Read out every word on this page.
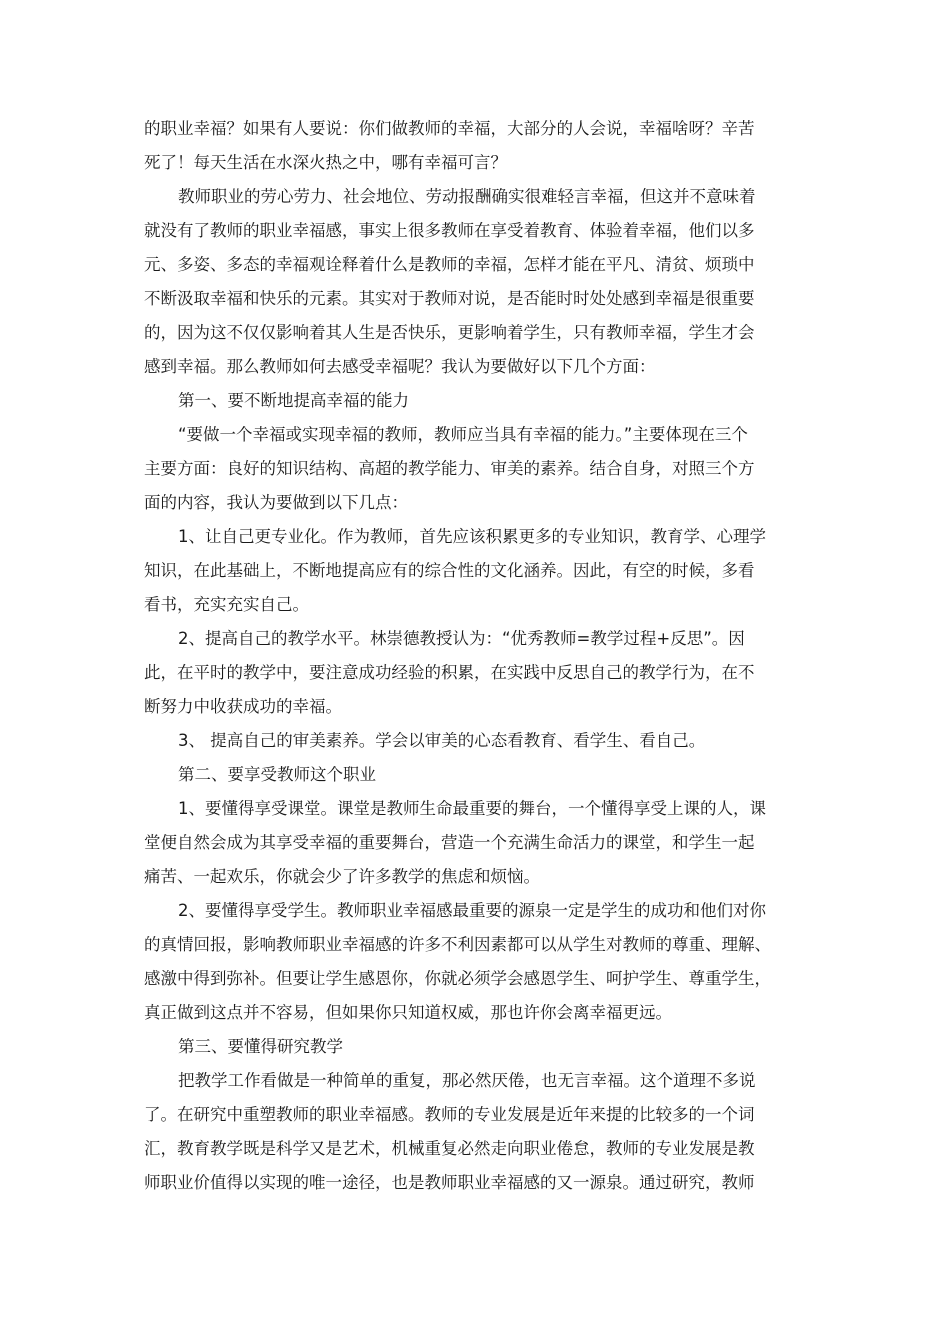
的职业幸福？如果有人要说：你们做教师的幸福，大部分的人会说，幸福啥呀？辛苦
死了！每天生活在水深火热之中，哪有幸福可言？
教师职业的劳心劳力、社会地位、劳动报酬确实很难轻言幸福，但这并不意味着
就没有了教师的职业幸福感，事实上很多教师在享受着教育、体验着幸福，他们以多
元、多姿、多态的幸福观诠释着什么是教师的幸福，怎样才能在平凡、清贫、烦琐中
不断汲取幸福和快乐的元素。其实对于教师对说，是否能时时处处感到幸福是很重要
的，因为这不仅仅影响着其人生是否快乐，更影响着学生，只有教师幸福，学生才会
感到幸福。那么教师如何去感受幸福呢？我认为要做好以下几个方面：
第一、要不断地提高幸福的能力
“要做一个幸福或实现幸福的教师，教师应当具有幸福的能力。”主要体现在三个
主要方面：良好的知识结构、高超的教学能力、审美的素养。结合自身，对照三个方
面的内容，我认为要做到以下几点：
1、让自己更专业化。作为教师，首先应该积累更多的专业知识，教育学、心理学
知识，在此基础上，不断地提高应有的综合性的文化涵养。因此，有空的时候，多看
看书，充实充实自己。
2、提高自己的教学水平。林崇德教授认为：“优秀教师=教学过程+反思”。因
此，在平时的教学中，要注意成功经验的积累，在实践中反思自己的教学行为，在不
断努力中收获成功的幸福。
3、 提高自己的审美素养。学会以审美的心态看教育、看学生、看自己。
第二、要享受教师这个职业
1、要懂得享受课堂。课堂是教师生命最重要的舞台，一个懂得享受上课的人，课
堂便自然会成为其享受幸福的重要舞台，营造一个充满生命活力的课堂，和学生一起
痛苦、一起欢乐，你就会少了许多教学的焦虑和烦恼。
2、要懂得享受学生。教师职业幸福感最重要的源泉一定是学生的成功和他们对你
的真情回报，影响教师职业幸福感的许多不利因素都可以从学生对教师的尊重、理解、
感激中得到弥补。但要让学生感恩你，你就必须学会感恩学生、呵护学生、尊重学生，
真正做到这点并不容易，但如果你只知道权威，那也许你会离幸福更远。
第三、要懂得研究教学
把教学工作看做是一种简单的重复，那必然厌倦，也无言幸福。这个道理不多说
了。在研究中重塑教师的职业幸福感。教师的专业发展是近年来提的比较多的一个词
汇，教育教学既是科学又是艺术，机械重复必然走向职业倦怠，教师的专业发展是教
师职业价值得以实现的唯一途径，也是教师职业幸福感的又一源泉。通过研究，教师
